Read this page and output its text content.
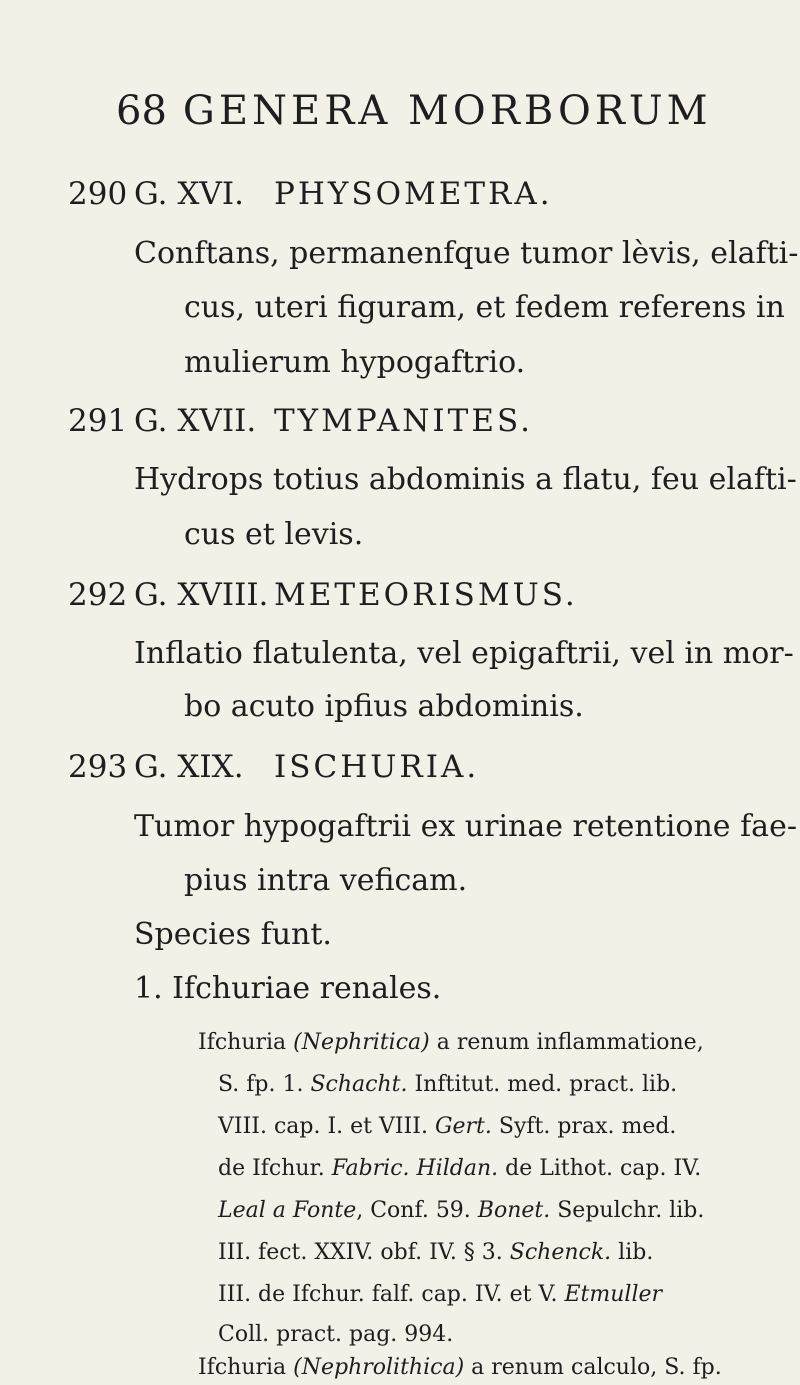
68 GENERA MORBORUM
290 G. XVI. PHYSOMETRA.
Conftans, permanenfque tumor lèvis, elafti-
cus, uteri figuram, et fedem referens in
mulierum hypogaftrio.
291 G. XVII. TYMPANITES.
Hydrops totius abdominis a flatu, feu elafti-
cus et levis.
292 G. XVIII. METEORISMUS.
Inflatio flatulenta, vel epigaftrii, vel in mor-
bo acuto ipfius abdominis.
293 G. XIX. ISCHURIA.
Tumor hypogaftrii ex urinae retentione fae-
pius intra veficam.
Species funt.
1. Ifchuriae renales.
Ifchuria (Nephritica) a renum inflammatione,
S. fp. 1. Schacht. Inftitut. med. pract. lib.
VIII. cap. I. et VIII. Gert. Syft. prax. med.
de Ifchur. Fabric. Hildan. de Lithot. cap. IV.
Leal a Fonte, Conf. 59. Bonet. Sepulchr. lib.
III. fect. XXIV. obf. IV. § 3. Schenck. lib.
III. de Ifchur. falf. cap. IV. et V. Etmuller
Coll. pract. pag. 994.
Ifchuria (Nephrolithica) a renum calculo, S. fp.
